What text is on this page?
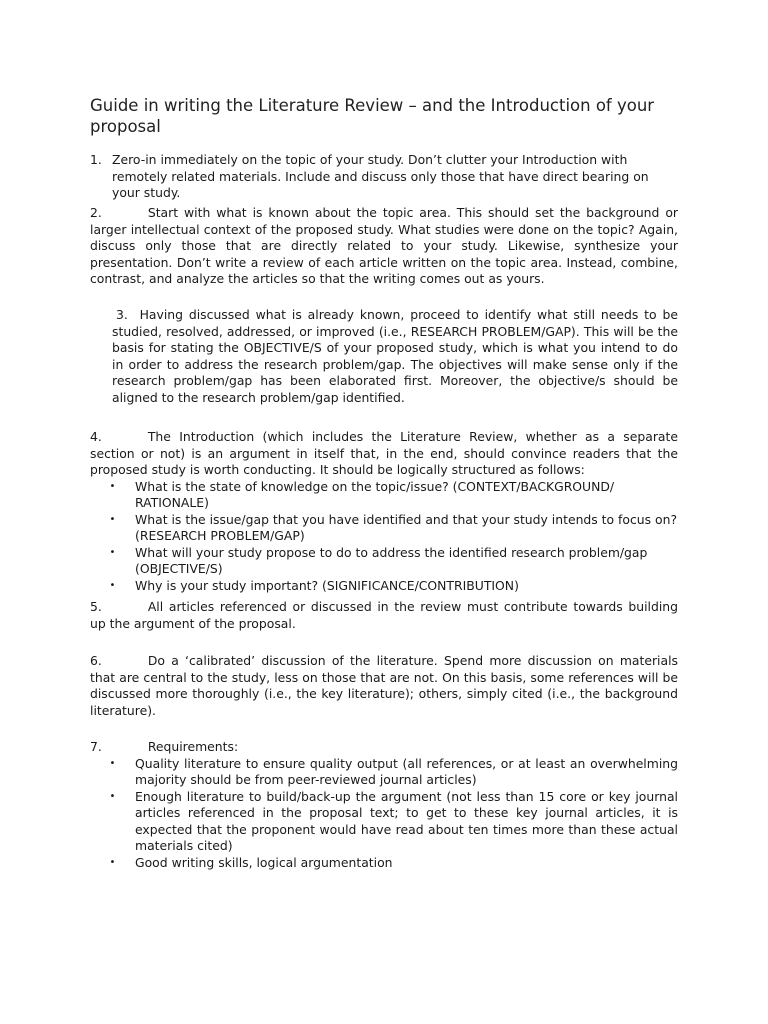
Guide in writing the Literature Review – and the Introduction of your proposal
1. Zero-in immediately on the topic of your study. Don’t clutter your Introduction with remotely related materials. Include and discuss only those that have direct bearing on your study.
2.	Start with what is known about the topic area. This should set the background or larger intellectual context of the proposed study. What studies were done on the topic? Again, discuss only those that are directly related to your study. Likewise, synthesize your presentation. Don’t write a review of each article written on the topic area. Instead, combine, contrast, and analyze the articles so that the writing comes out as yours.
3. Having discussed what is already known, proceed to identify what still needs to be studied, resolved, addressed, or improved (i.e., RESEARCH PROBLEM/GAP). This will be the basis for stating the OBJECTIVE/S of your proposed study, which is what you intend to do in order to address the research problem/gap. The objectives will make sense only if the research problem/gap has been elaborated first. Moreover, the objective/s should be aligned to the research problem/gap identified.
4.	The Introduction (which includes the Literature Review, whether as a separate section or not) is an argument in itself that, in the end, should convince readers that the proposed study is worth conducting. It should be logically structured as follows:
•	What is the state of knowledge on the topic/issue? (CONTEXT/BACKGROUND/ RATIONALE)
•	What is the issue/gap that you have identified and that your study intends to focus on? (RESEARCH PROBLEM/GAP)
•	What will your study propose to do to address the identified research problem/gap (OBJECTIVE/S)
•	Why is your study important? (SIGNIFICANCE/CONTRIBUTION)
5.	All articles referenced or discussed in the review must contribute towards building up the argument of the proposal.
6.	Do a ‘calibrated’ discussion of the literature. Spend more discussion on materials that are central to the study, less on those that are not. On this basis, some references will be discussed more thoroughly (i.e., the key literature); others, simply cited (i.e., the background literature).
7.	Requirements:
•	Quality literature to ensure quality output (all references, or at least an overwhelming majority should be from peer-reviewed journal articles)
•	Enough literature to build/back-up the argument (not less than 15 core or key journal articles referenced in the proposal text; to get to these key journal articles, it is expected that the proponent would have read about ten times more than these actual materials cited)
•	Good writing skills, logical argumentation
